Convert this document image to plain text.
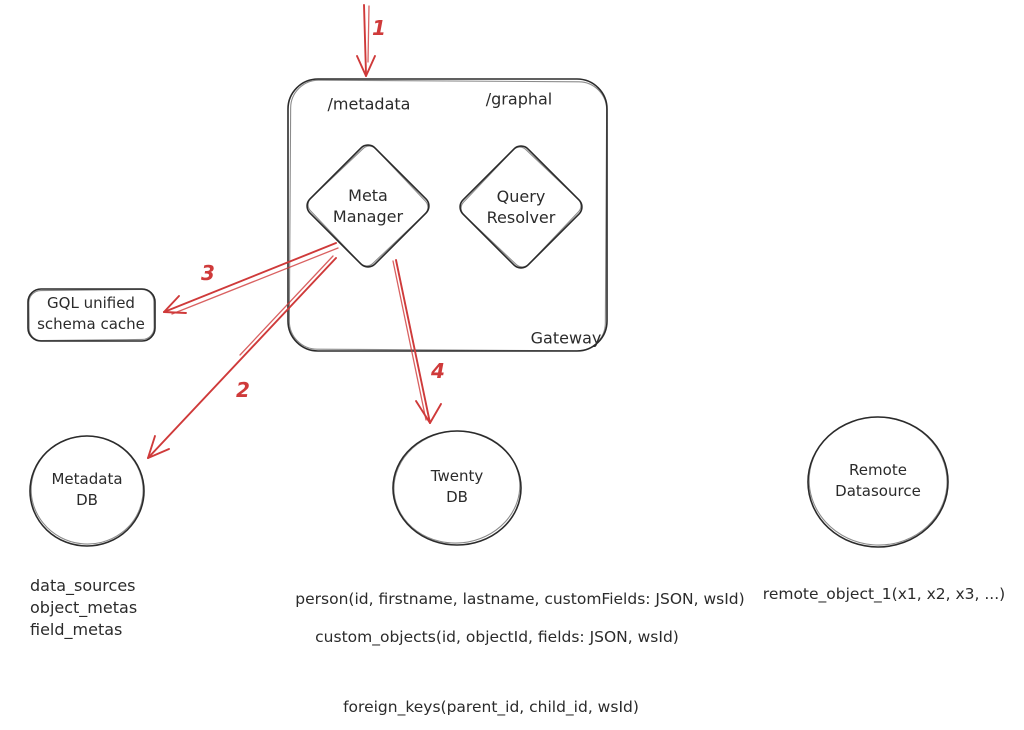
/metadata	/graphal
Meta
Manager
Query
Resolver
Gateway
GQL unified
schema cache
Metadata
DB
Twenty
DB
Remote
Datasource
data_sources
object_metas
field_metas
person(id, firstname, lastname, customFields: JSON, wsId)
custom_objects(id, objectId, fields: JSON, wsId)
foreign_keys(parent_id, child_id, wsId)
remote_object_1(x1, x2, x3, ...)
1
2
3
4
